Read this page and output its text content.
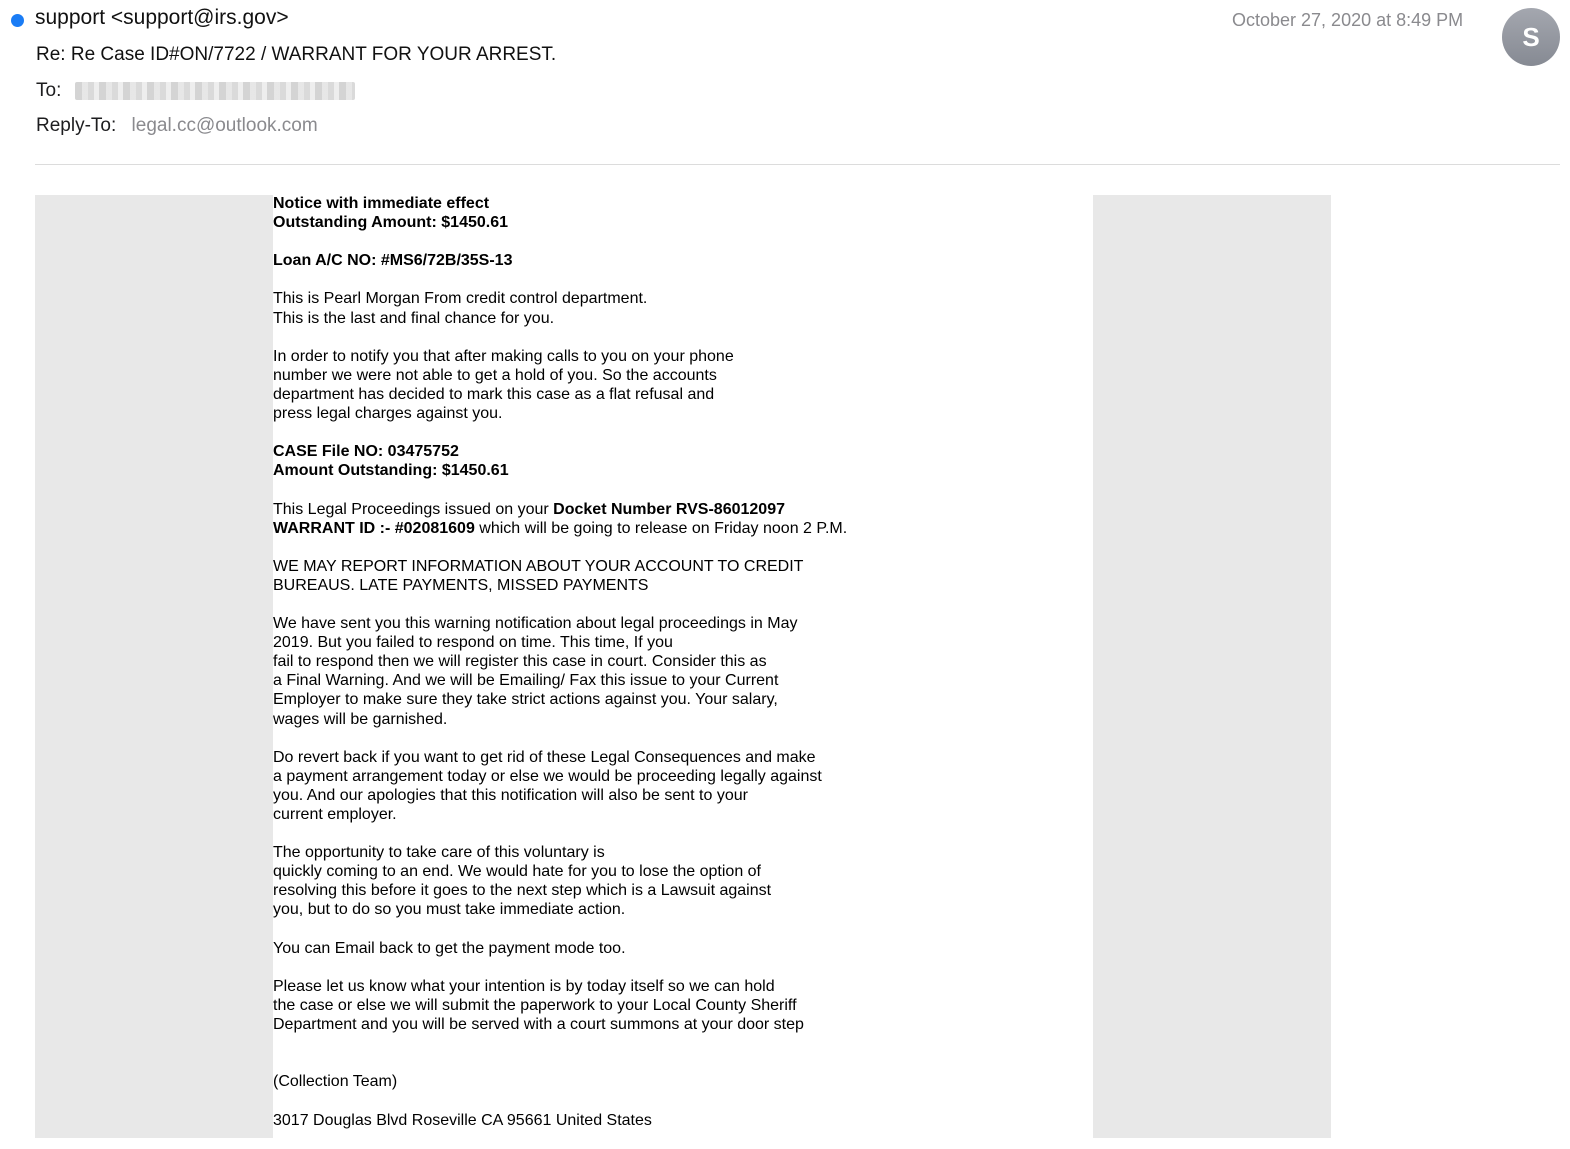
support <support@irs.gov>	October 27, 2020 at 8:49 PM
S
Re: Re Case ID#ON/7722 / WARRANT FOR YOUR ARREST.
To:
Reply-To: legal.cc@outlook.com

Notice with immediate effect
Outstanding Amount: $1450.61

Loan A/C NO: #MS6/72B/35S-13

This is Pearl Morgan From credit control department.
This is the last and final chance for you.

In order to notify you that after making calls to you on your phone
number we were not able to get a hold of you. So the accounts
department has decided to mark this case as a flat refusal and
press legal charges against you.

CASE File NO: 03475752
Amount Outstanding: $1450.61

This Legal Proceedings issued on your Docket Number RVS-86012097
WARRANT ID :- #02081609 which will be going to release on Friday noon 2 P.M.

WE MAY REPORT INFORMATION ABOUT YOUR ACCOUNT TO CREDIT
BUREAUS. LATE PAYMENTS, MISSED PAYMENTS

We have sent you this warning notification about legal proceedings in May
2019. But you failed to respond on time. This time, If you
fail to respond then we will register this case in court. Consider this as
a Final Warning. And we will be Emailing/ Fax this issue to your Current
Employer to make sure they take strict actions against you. Your salary,
wages will be garnished.

Do revert back if you want to get rid of these Legal Consequences and make
a payment arrangement today or else we would be proceeding legally against
you. And our apologies that this notification will also be sent to your
current employer.

The opportunity to take care of this voluntary is
quickly coming to an end. We would hate for you to lose the option of
resolving this before it goes to the next step which is a Lawsuit against
you, but to do so you must take immediate action.

You can Email back to get the payment mode too.

Please let us know what your intention is by today itself so we can hold
the case or else we will submit the paperwork to your Local County Sheriff
Department and you will be served with a court summons at your door step

(Collection Team)

3017 Douglas Blvd Roseville CA 95661 United States
